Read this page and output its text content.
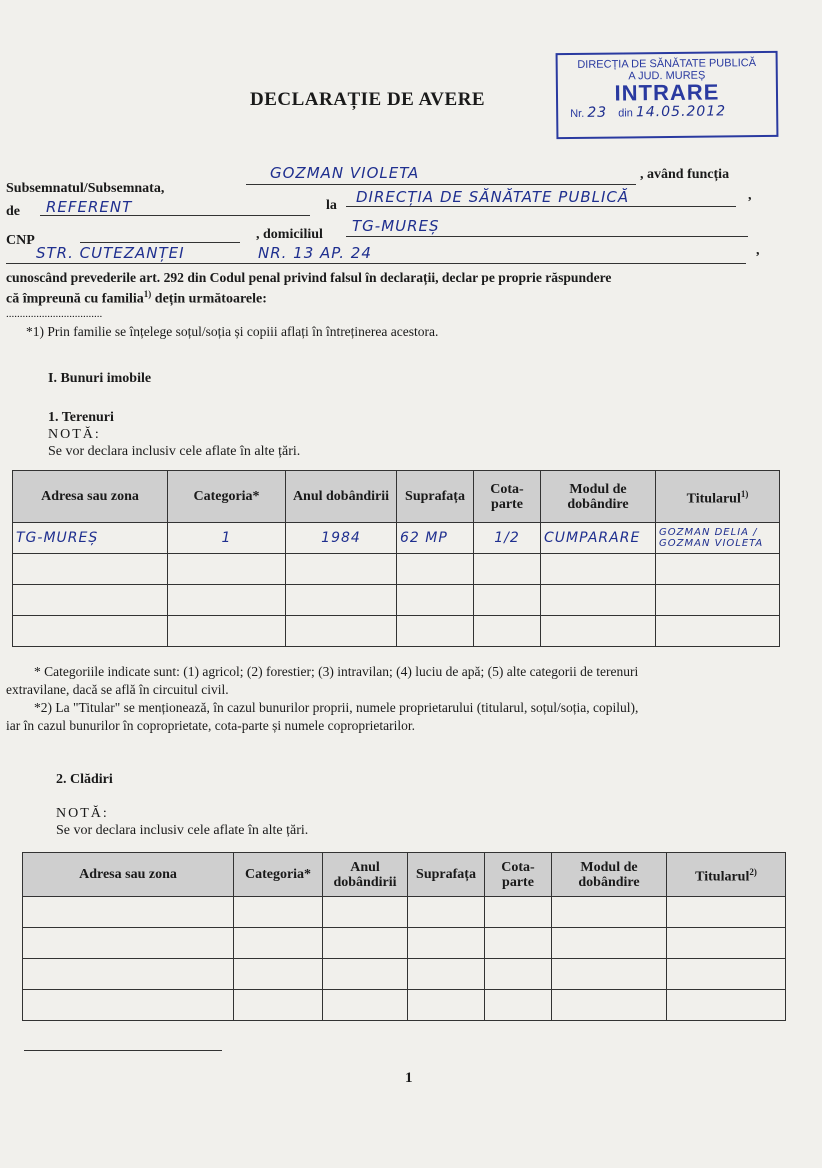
DECLARAȚIE DE AVERE
DIRECȚIA DE SĂNĂTATE PUBLICĂ
A JUD. MUREȘ
INTRARE
Nr. 23 din 14.05.2012
Subsemnatul/Subsemnata,
GOZMAN VIOLETA	, având funcția
de REFERENT	la DIRECȚIA DE SĂNĂTATE PUBLICĂ	,
CNP	, domiciliul TG-MUREȘ
STR. CUTEZANȚEI	NR. 13 AP. 24	,
cunoscând prevederile art. 292 din Codul penal privind falsul în declarații, declar pe proprie răspundere
că împreună cu familia$^{1)}$ dețin următoarele:
...................................
*1) Prin familie se înțelege soțul/soția și copiii aflați în întreținerea acestora.
I. Bunuri imobile
1. Terenuri
NOTĂ:
Se vor declara inclusiv cele aflate în alte țări.
Adresa sau zona	Categoria*	Anul dobândirii	Suprafața	Cota-parte	Modul de dobândire	Titularul$^{1)}$
TG-MUREȘ	1	1984	62 MP	1/2	CUMPARARE	GOZMAN DELIA / GOZMAN VIOLETA

* Categoriile indicate sunt: (1) agricol; (2) forestier; (3) intravilan; (4) luciu de apă; (5) alte categorii de terenuri
extravilane, dacă se află în circuitul civil.
*2) La "Titular" se menționează, în cazul bunurilor proprii, numele proprietarului (titularul, soțul/soția, copilul),
iar în cazul bunurilor în coproprietate, cota-parte și numele coproprietarilor.
2. Clădiri
NOTĂ:
Se vor declara inclusiv cele aflate în alte țări.
Adresa sau zona	Categoria*	Anul dobândirii	Suprafața	Cota-parte	Modul de dobândire	Titularul$^{2)}$

1
